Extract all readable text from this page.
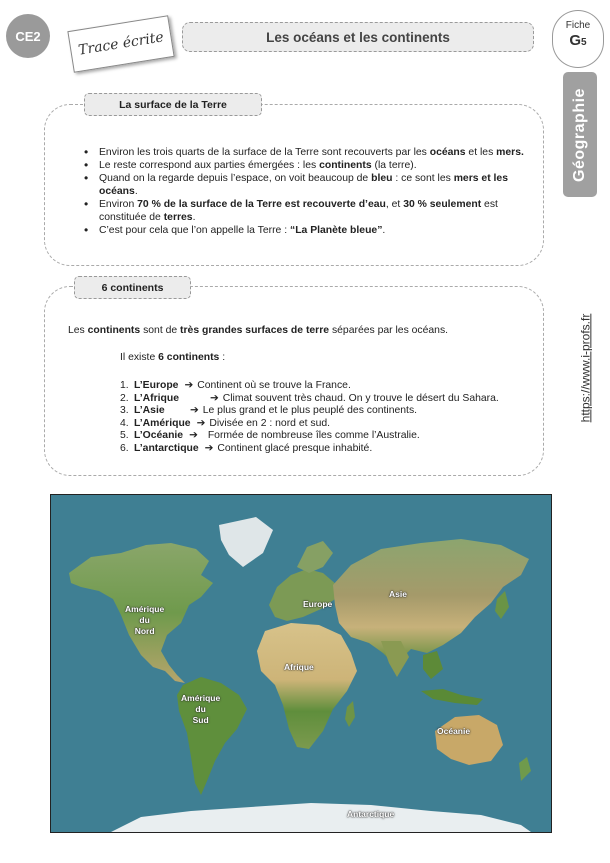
CE2	Trace écrite	Les océans et les continents
Fiche
G5
Géographie
https://www.i-profs.fr
La surface de la Terre
• Environ les trois quarts de la surface de la Terre sont recouverts par les océans et les mers.
• Le reste correspond aux parties émergées : les continents (la terre).
• Quand on la regarde depuis l’espace, on voit beaucoup de bleu : ce sont les mers et les océans.
• Environ 70 % de la surface de la Terre est recouverte d’eau, et 30 % seulement est constituée de terres.
• C’est pour cela que l’on appelle la Terre : “La Planète bleue”.
6 continents
Les continents sont de très grandes surfaces de terre séparées par les océans.
Il existe 6 continents :
1. L’Europe ➔ Continent où se trouve la France.
2. L’Afrique	➔ Climat souvent très chaud. On y trouve le désert du Sahara.
3. L’Asie	➔ Le plus grand et le plus peuplé des continents.
4. L’Amérique ➔ Divisée en 2 : nord et sud.
5. L’Océanie ➔ Formée de nombreuse îles comme l’Australie.
6. L’antarctique ➔ Continent glacé presque inhabité.
Amérique
du
Nord
Amérique
du
Sud
Europe
Asie
Afrique
Océanie
Antarctique
